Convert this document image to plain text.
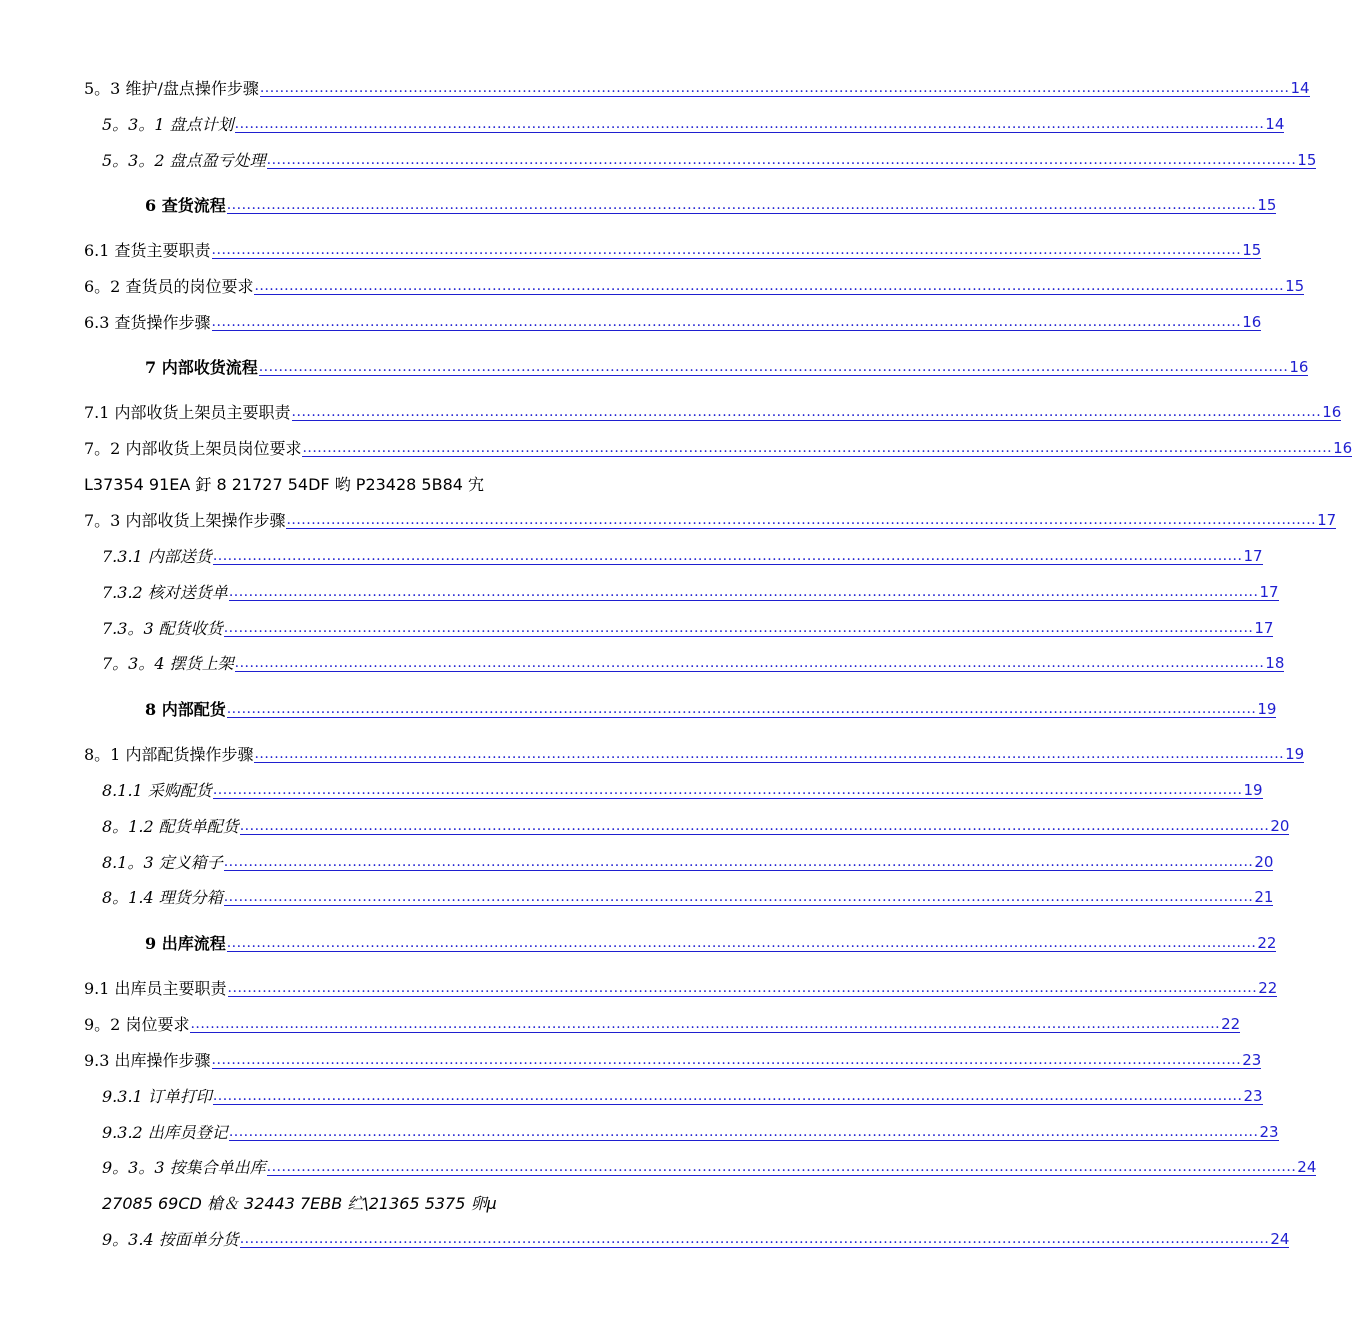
5。3 维护/盘点操作步骤 ................................................................................................................................................................................................................ 14
5。3。1 盘点计划 ................................................................................................................................................................................................................ 14
5。3。2 盘点盈亏处理 ................................................................................................................................................................................................................ 15
6 查货流程 ................................................................................................................................................................................................................ 15
6.1 查货主要职责 ................................................................................................................................................................................................................ 15
6。2 查货员的岗位要求 ................................................................................................................................................................................................................ 15
6.3 查货操作步骤 ................................................................................................................................................................................................................ 16
7 内部收货流程 ................................................................................................................................................................................................................ 16
7.1 内部收货上架员主要职责 ................................................................................................................................................................................................................ 16
7。2 内部收货上架员岗位要求 ................................................................................................................................................................................................................ 16
L37354 91EA 釪 8 21727 54DF 哟 P23428 5B84 宄
7。3 内部收货上架操作步骤 ................................................................................................................................................................................................................ 17
7.3.1 内部送货 ................................................................................................................................................................................................................ 17
7.3.2 核对送货单 ................................................................................................................................................................................................................ 17
7.3。3 配货收货 ................................................................................................................................................................................................................ 17
7。3。4 摆货上架 ................................................................................................................................................................................................................ 18
8 内部配货 ................................................................................................................................................................................................................ 19
8。1 内部配货操作步骤 ................................................................................................................................................................................................................ 19
8.1.1 采购配货 ................................................................................................................................................................................................................ 19
8。1.2 配货单配货 ................................................................................................................................................................................................................ 20
8.1。3 定义箱子 ................................................................................................................................................................................................................ 20
8。1.4 理货分箱 ................................................................................................................................................................................................................ 21
9 出库流程 ................................................................................................................................................................................................................ 22
9.1 出库员主要职责 ................................................................................................................................................................................................................ 22
9。2 岗位要求 ................................................................................................................................................................................................................ 22
9.3 出库操作步骤 ................................................................................................................................................................................................................ 23
9.3.1 订单打印 ................................................................................................................................................................................................................ 23
9.3.2 出库员登记 ................................................................................................................................................................................................................ 23
9。3。3 按集合单出库 ................................................................................................................................................................................................................ 24
27085 69CD 槍＆ 32443 7EBB 纻\21365 5375 卵µ
9。3.4 按面单分货 ................................................................................................................................................................................................................ 24
